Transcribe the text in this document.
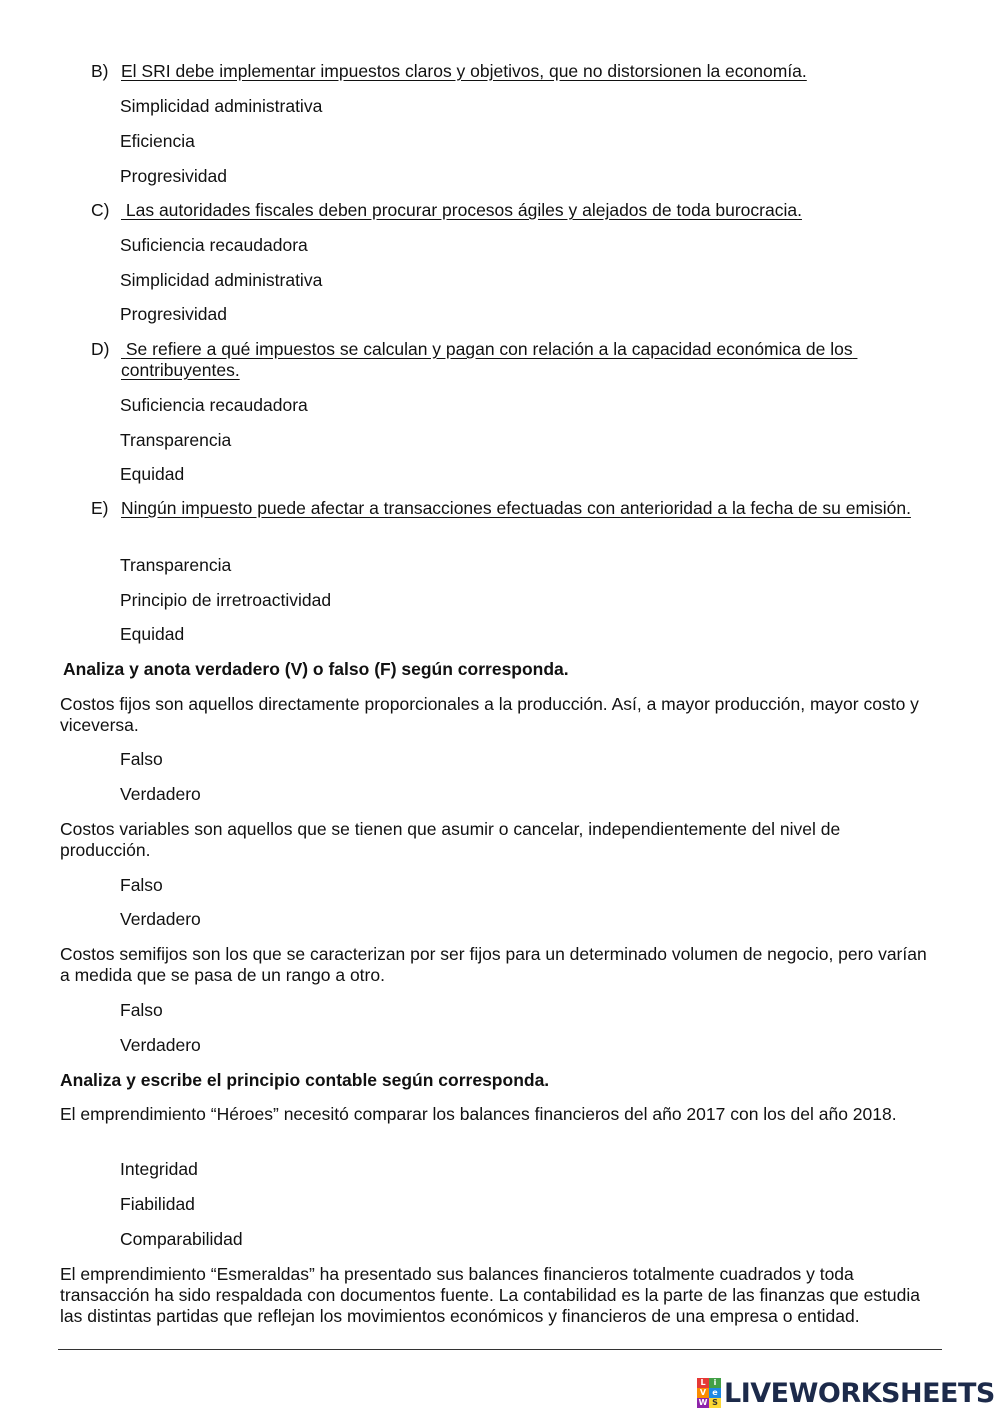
B) El SRI debe implementar impuestos claros y objetivos, que no distorsionen la economía.
Simplicidad administrativa
Eficiencia
Progresividad
C) Las autoridades fiscales deben procurar procesos ágiles y alejados de toda burocracia.
Suficiencia recaudadora
Simplicidad administrativa
Progresividad
D) Se refiere a qué impuestos se calculan y pagan con relación a la capacidad económica de los contribuyentes.
Suficiencia recaudadora
Transparencia
Equidad
E) Ningún impuesto puede afectar a transacciones efectuadas con anterioridad a la fecha de su emisión.
Transparencia
Principio de irretroactividad
Equidad
Analiza y anota verdadero (V) o falso (F) según corresponda.
Costos fijos son aquellos directamente proporcionales a la producción. Así, a mayor producción, mayor costo y viceversa.
Falso
Verdadero
Costos variables son aquellos que se tienen que asumir o cancelar, independientemente del nivel de producción.
Falso
Verdadero
Costos semifijos son los que se caracterizan por ser fijos para un determinado volumen de negocio, pero varían a medida que se pasa de un rango a otro.
Falso
Verdadero
Analiza y escribe el principio contable según corresponda.
El emprendimiento “Héroes” necesitó comparar los balances financieros del año 2017 con los del año 2018.
Integridad
Fiabilidad
Comparabilidad
El emprendimiento “Esmeraldas” ha presentado sus balances financieros totalmente cuadrados y toda transacción ha sido respaldada con documentos fuente. La contabilidad es la parte de las finanzas que estudia las distintas partidas que reflejan los movimientos económicos y financieros de una empresa o entidad.
L	i
V e
W S LIVEWORKSHEETS
